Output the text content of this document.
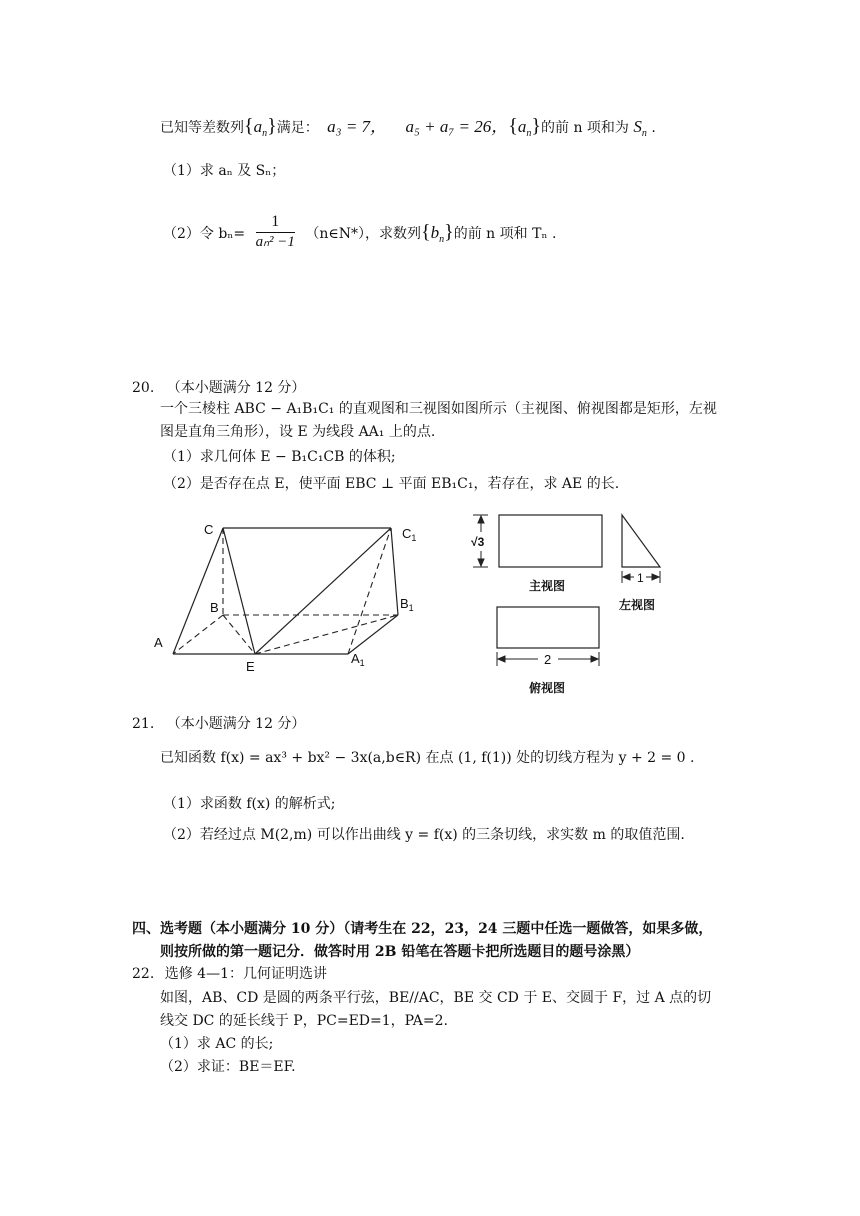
已知等差数列$\{a_n\}$满足： a₃ = 7， a₅ + a₇ = 26，$\{a_n\}$的前 n 项和为 $S_n$ .
（1）求 aₙ 及 Sₙ；
（2）令 $b_n= \frac{1}{\text{aₙ² −1}}$ （n∈N*），求数列$\{b_n\}$的前 n 项和 Tₙ .
20. （本小题满分 12 分）
一个三棱柱 ABC − A₁B₁C₁ 的直观图和三视图如图所示（主视图、俯视图都是矩形，左视
图是直角三角形），设 E 为线段 AA₁ 上的点.
（1）求几何体 E − B₁C₁CB 的体积;
（2）是否存在点 E，使平面 EBC ⊥ 平面 EB₁C₁，若存在，求 AE 的长.
C	$C_1$
B	$B_1$
A
$A_1$
E
√3
主视图
1
左视图
2
俯视图
21. （本小题满分 12 分）
已知函数 f(x) = ax³ + bx² − 3x(a,b∈R) 在点 (1, f(1)) 处的切线方程为 y + 2 = 0 .
（1）求函数 f(x) 的解析式;
（2）若经过点 M(2,m) 可以作出曲线 y = f(x) 的三条切线，求实数 m 的取值范围.
四、选考题（本小题满分 10 分）（请考生在 22，23，24 三题中任选一题做答，如果多做，
则按所做的第一题记分．做答时用 2B 铅笔在答题卡把所选题目的题号涂黑）
22. 选修 4—1：几何证明选讲
如图，AB、CD 是圆的两条平行弦，BE//AC，BE 交 CD 于 E、交圆于 F，过 A 点的切
线交 DC 的延长线于 P，PC=ED=1，PA=2.
（1）求 AC 的长;
（2）求证：BE＝EF.
